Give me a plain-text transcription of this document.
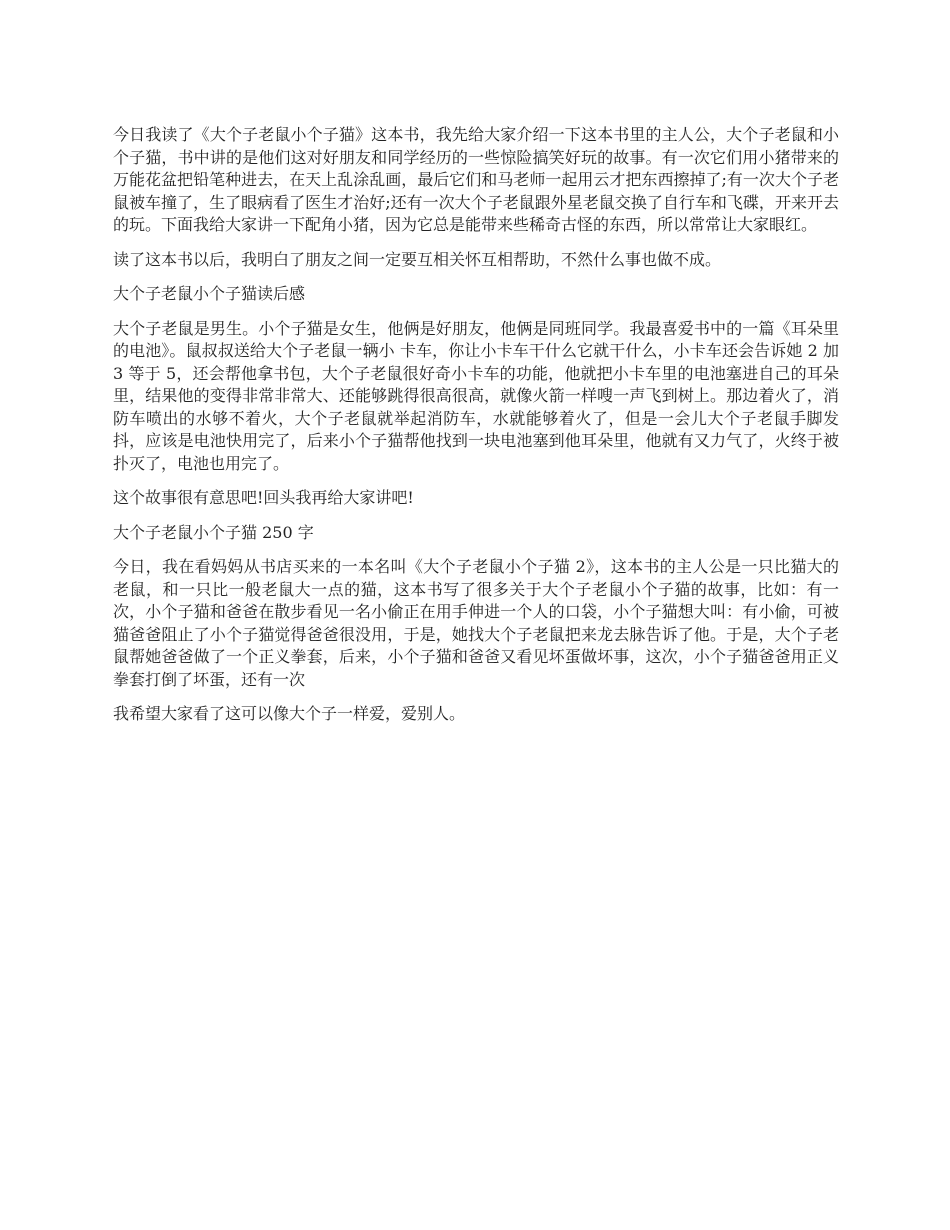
今日我读了《大个子老鼠小个子猫》这本书，我先给大家介绍一下这本书里的主人公，大个子老鼠和小个子猫，书中讲的是他们这对好朋友和同学经历的一些惊险搞笑好玩的故事。有一次它们用小猪带来的万能花盆把铅笔种进去，在天上乱涂乱画，最后它们和马老师一起用云才把东西擦掉了;有一次大个子老鼠被车撞了，生了眼病看了医生才治好;还有一次大个子老鼠跟外星老鼠交换了自行车和飞碟，开来开去的玩。下面我给大家讲一下配角小猪，因为它总是能带来些稀奇古怪的东西，所以常常让大家眼红。

读了这本书以后，我明白了朋友之间一定要互相关怀互相帮助，不然什么事也做不成。

大个子老鼠小个子猫读后感

大个子老鼠是男生。小个子猫是女生，他俩是好朋友，他俩是同班同学。我最喜爱书中的一篇《耳朵里的电池》。鼠叔叔送给大个子老鼠一辆小 卡车，你让小卡车干什么它就干什么，小卡车还会告诉她 2 加 3 等于 5，还会帮他拿书包，大个子老鼠很好奇小卡车的功能，他就把小卡车里的电池塞进自己的耳朵里，结果他的变得非常非常大、还能够跳得很高很高，就像火箭一样嗖一声飞到树上。那边着火了，消防车喷出的水够不着火，大个子老鼠就举起消防车，水就能够着火了，但是一会儿大个子老鼠手脚发抖，应该是电池快用完了，后来小个子猫帮他找到一块电池塞到他耳朵里，他就有又力气了，火终于被扑灭了，电池也用完了。

这个故事很有意思吧!回头我再给大家讲吧!

大个子老鼠小个子猫 250 字

今日，我在看妈妈从书店买来的一本名叫《大个子老鼠小个子猫 2》，这本书的主人公是一只比猫大的老鼠，和一只比一般老鼠大一点的猫，这本书写了很多关于大个子老鼠小个子猫的故事，比如：有一次，小个子猫和爸爸在散步看见一名小偷正在用手伸进一个人的口袋，小个子猫想大叫：有小偷，可被猫爸爸阻止了小个子猫觉得爸爸很没用，于是，她找大个子老鼠把来龙去脉告诉了他。于是，大个子老鼠帮她爸爸做了一个正义拳套，后来，小个子猫和爸爸又看见坏蛋做坏事，这次，小个子猫爸爸用正义拳套打倒了坏蛋，还有一次

我希望大家看了这可以像大个子一样爱，爱别人。
